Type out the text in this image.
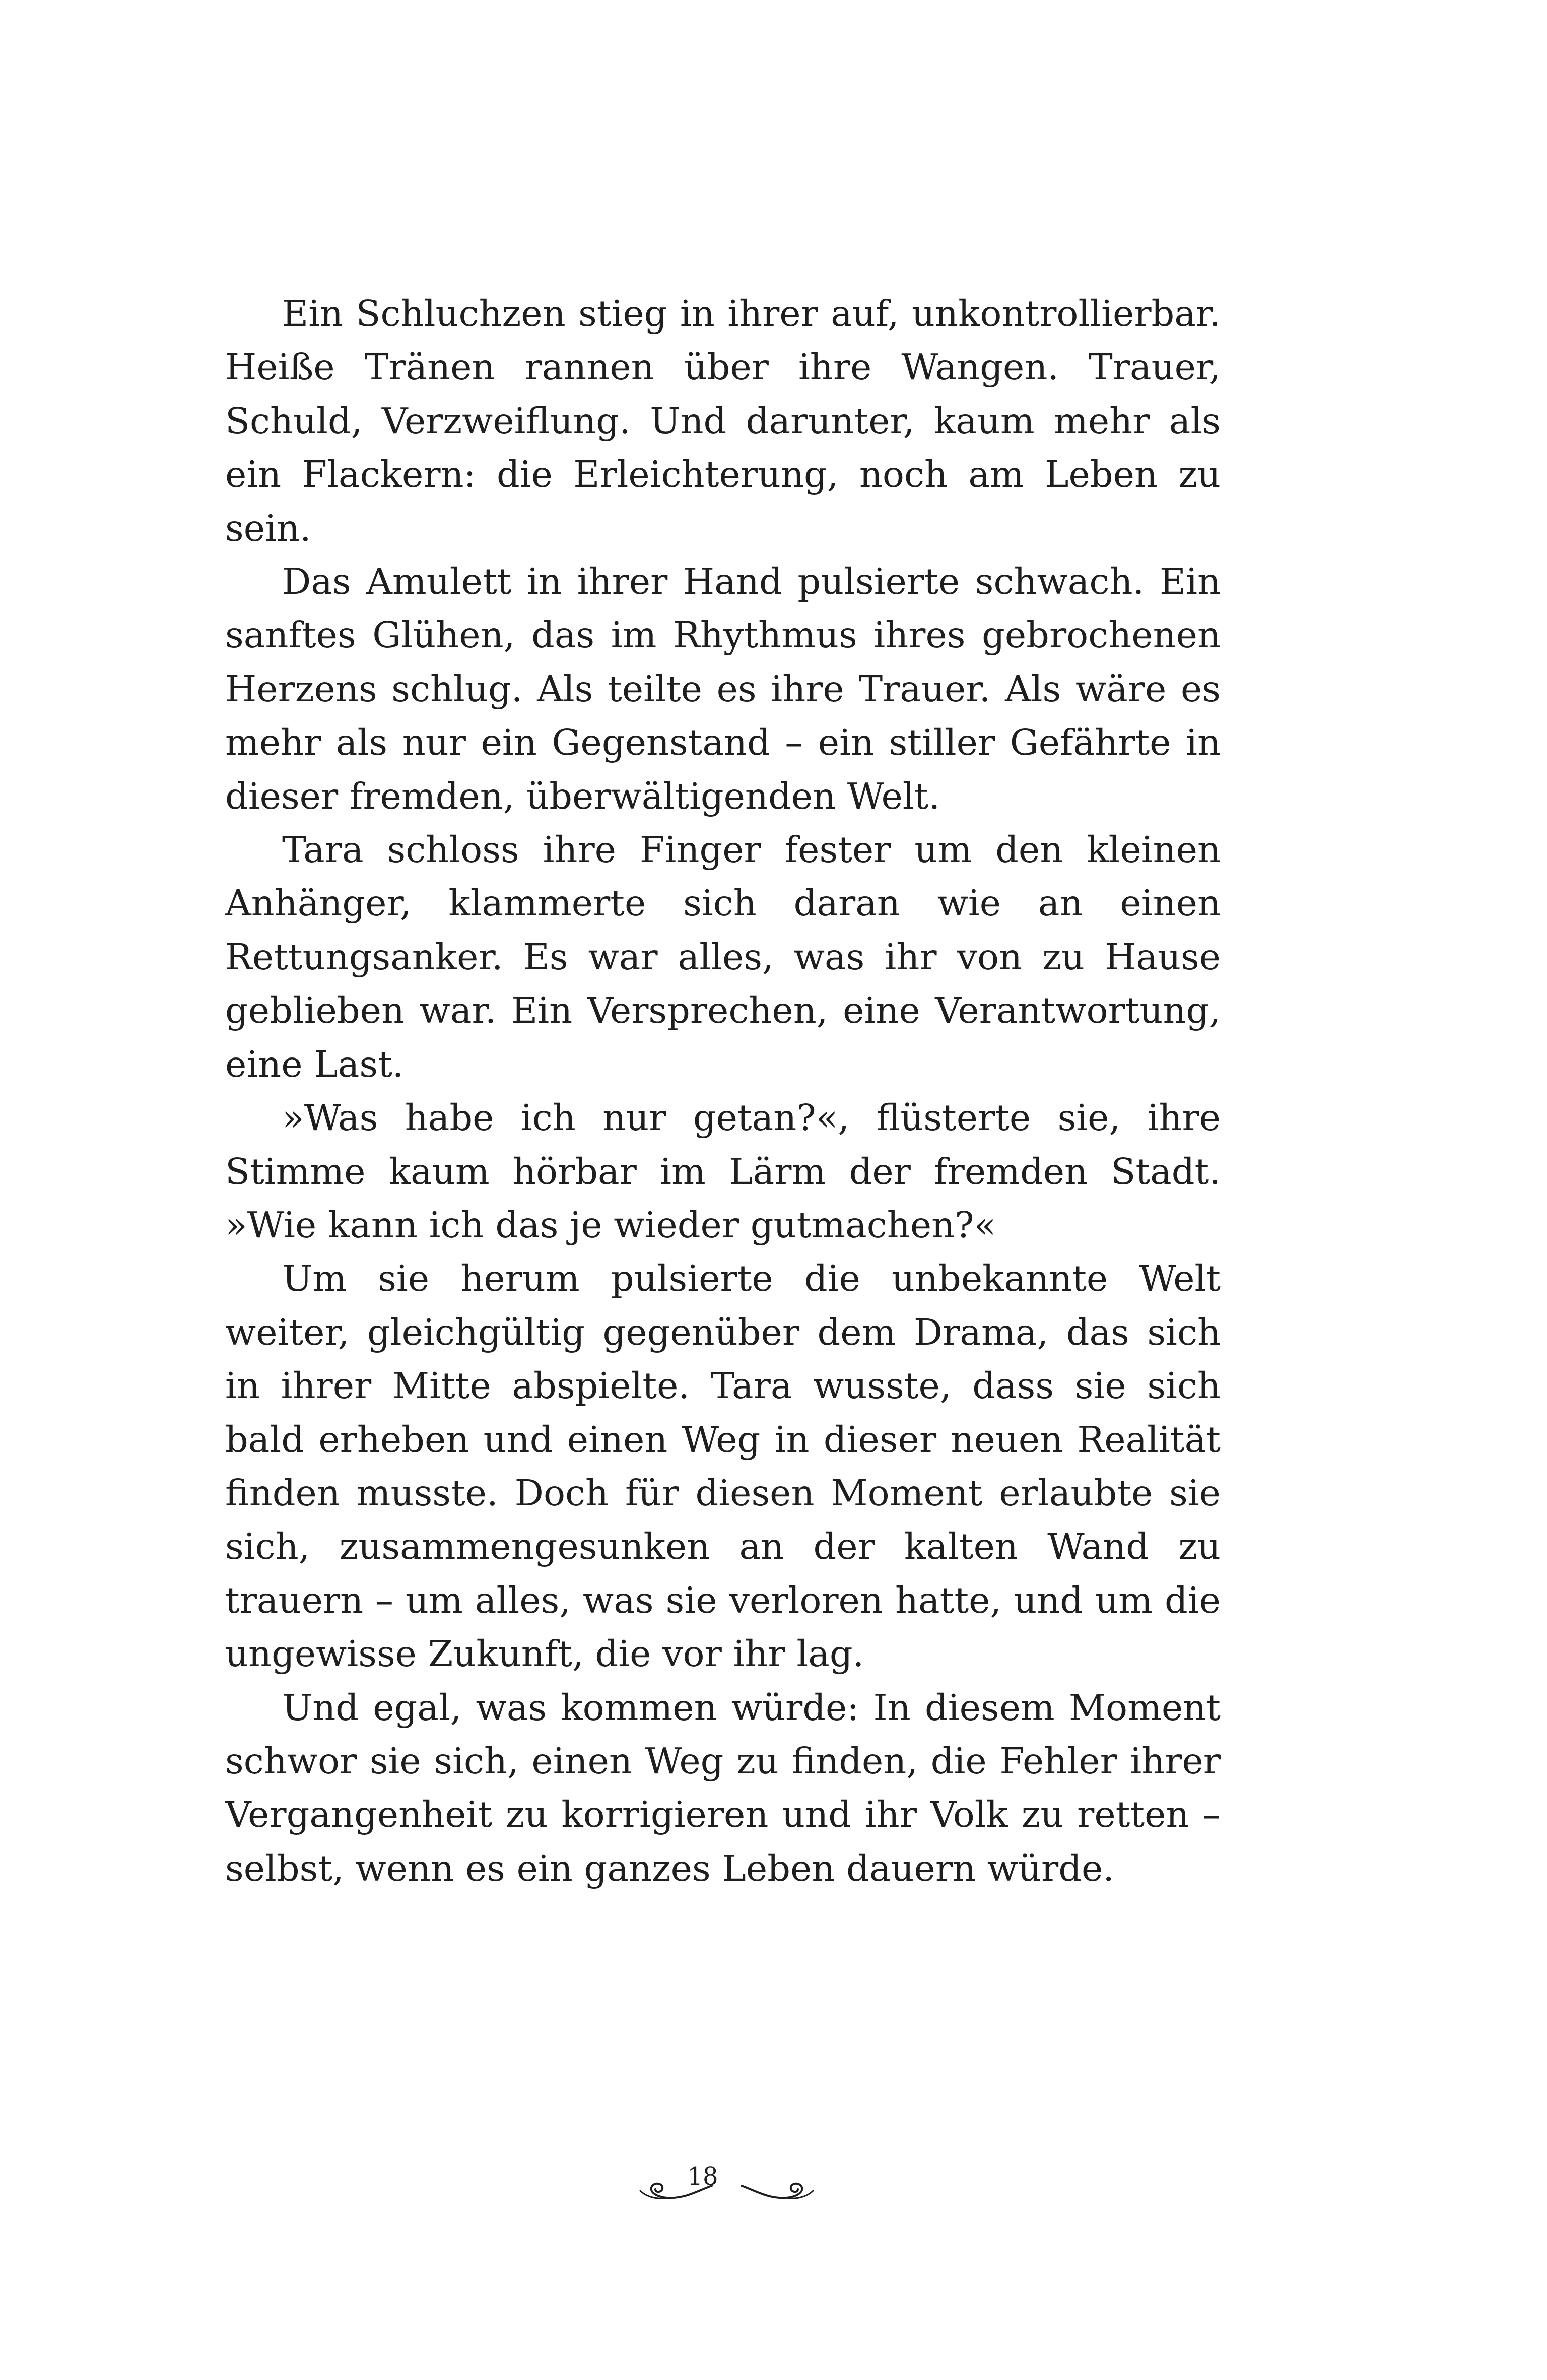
Ein Schluchzen stieg in ihrer auf, unkontrollierbar. Heiße Tränen rannen über ihre Wangen. Trauer, Schuld, Verzweiflung. Und darunter, kaum mehr als ein Flackern: die Erleichterung, noch am Leben zu sein.

Das Amulett in ihrer Hand pulsierte schwach. Ein sanftes Glühen, das im Rhythmus ihres gebrochenen Herzens schlug. Als teilte es ihre Trauer. Als wäre es mehr als nur ein Gegenstand – ein stiller Gefährte in dieser fremden, überwältigenden Welt.

Tara schloss ihre Finger fester um den kleinen Anhänger, klammerte sich daran wie an einen Rettungsanker. Es war alles, was ihr von zu Hause geblieben war. Ein Versprechen, eine Verantwortung, eine Last.

»Was habe ich nur getan?«, flüsterte sie, ihre Stimme kaum hörbar im Lärm der fremden Stadt. »Wie kann ich das je wieder gutmachen?«

Um sie herum pulsierte die unbekannte Welt weiter, gleichgültig gegenüber dem Drama, das sich in ihrer Mitte abspielte. Tara wusste, dass sie sich bald erheben und einen Weg in dieser neuen Realität finden musste. Doch für diesen Moment erlaubte sie sich, zusammengesunken an der kalten Wand zu trauern – um alles, was sie verloren hatte, und um die ungewisse Zukunft, die vor ihr lag.

Und egal, was kommen würde: In diesem Moment schwor sie sich, einen Weg zu finden, die Fehler ihrer Vergangenheit zu korrigieren und ihr Volk zu retten – selbst, wenn es ein ganzes Leben dauern würde.

18
